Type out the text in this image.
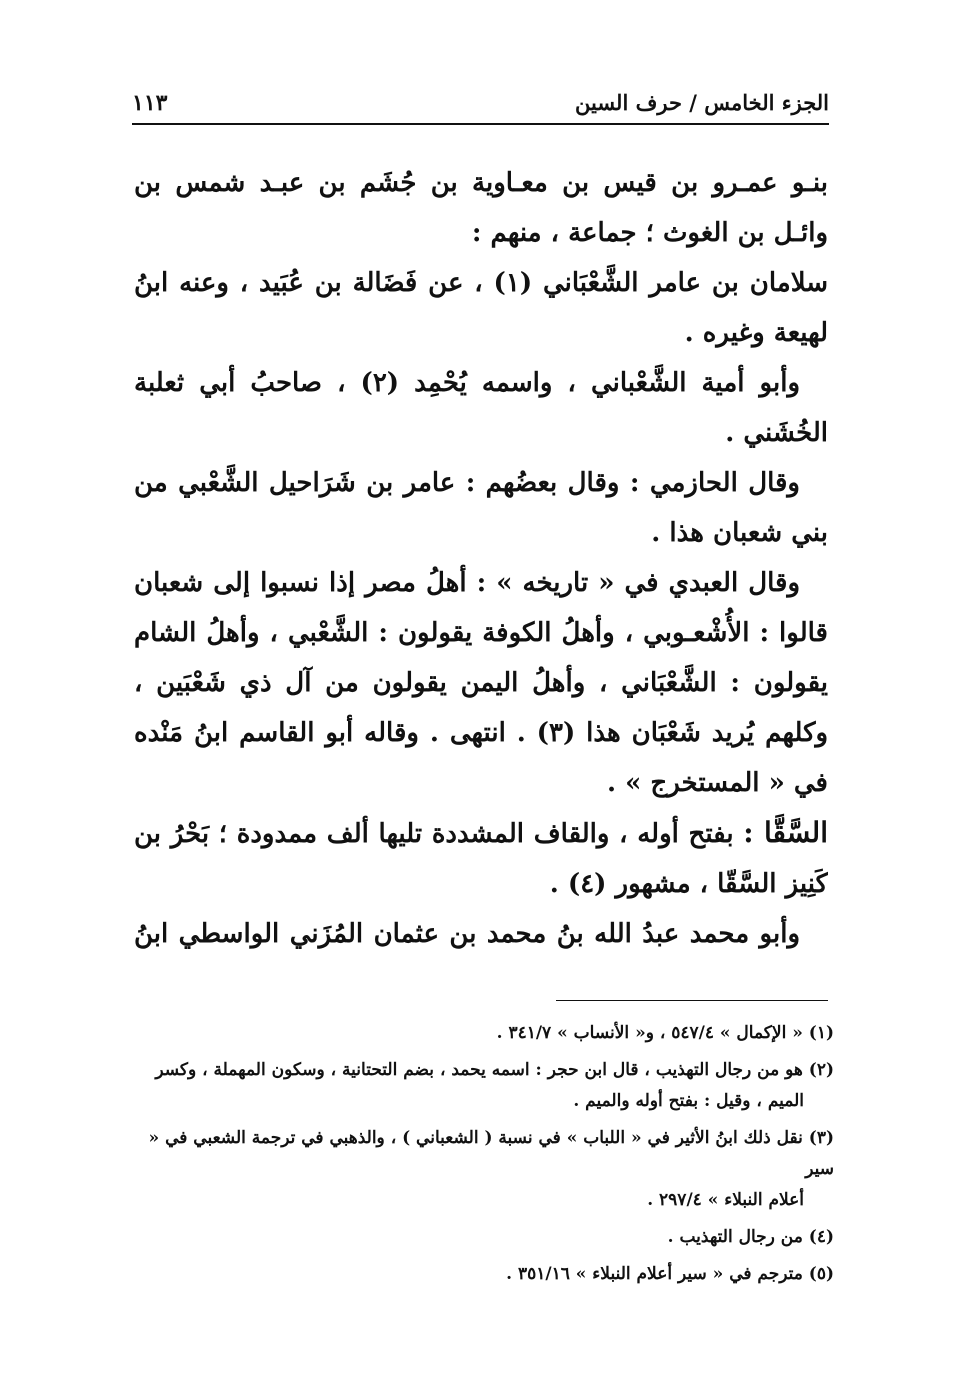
الجزء الخامس / حرف السين
١١٣

بنـو عمـرو بن قيس بن معـاوية بن جُشَم بن عبـد شمس بن وائـل بن الغوث ؛ جماعة ، منهم :

سلامان بن عامر الشَّعْبَاني (١) ، عن فَضَالة بن عُبَيد ، وعنه ابنُ لهيعة وغيره .

وأبو أمية الشَّعْباني ، واسمه يُحْمِد (٢) ، صاحبُ أبي ثعلبة الخُشَني .

وقال الحازمي : وقال بعضُهم : عامر بن شَرَاحيل الشَّعْبي من بني شعبان هذا .

وقال العبدي في « تاريخه » : أهلُ مصر إذا نسبوا إلى شعبان قالوا : الأُشْعـوبي ، وأهلُ الكوفة يقولون : الشَّعْبي ، وأهلُ الشام يقولون : الشَّعْبَاني ، وأهلُ اليمن يقولون من آل ذي شَعْبَين ، وكلهم يُريد شَعْبَان هذا (٣) . انتهى . وقاله أبو القاسم ابنُ مَنْده في « المستخرج » .

السَّقَّا : بفتح أوله ، والقاف المشددة تليها ألف ممدودة ؛ بَحْرُ بن كَنِيز السَّقّا ، مشهور (٤) .

وأبو محمد عبدُ الله بنُ محمد بن عثمان المُزَني الواسطي ابنُ

(١) « الإكمال » ٥٤٧/٤ ، و« الأنساب » ٣٤١/٧ .

(٢) هو من رجال التهذيب ، قال ابن حجر : اسمه يحمد ، بضم التحتانية ، وسكون المهملة ، وكسر
الميم ، وقيل : بفتح أوله والميم .

(٣) نقل ذلك ابنُ الأثير في « اللباب » في نسبة ( الشعباني ) ، والذهبي في ترجمة الشعبي في « سير
أعلام النبلاء » ٢٩٧/٤ .

(٤) من رجال التهذيب .

(٥) مترجم في « سير أعلام النبلاء » ٣٥١/١٦ .
